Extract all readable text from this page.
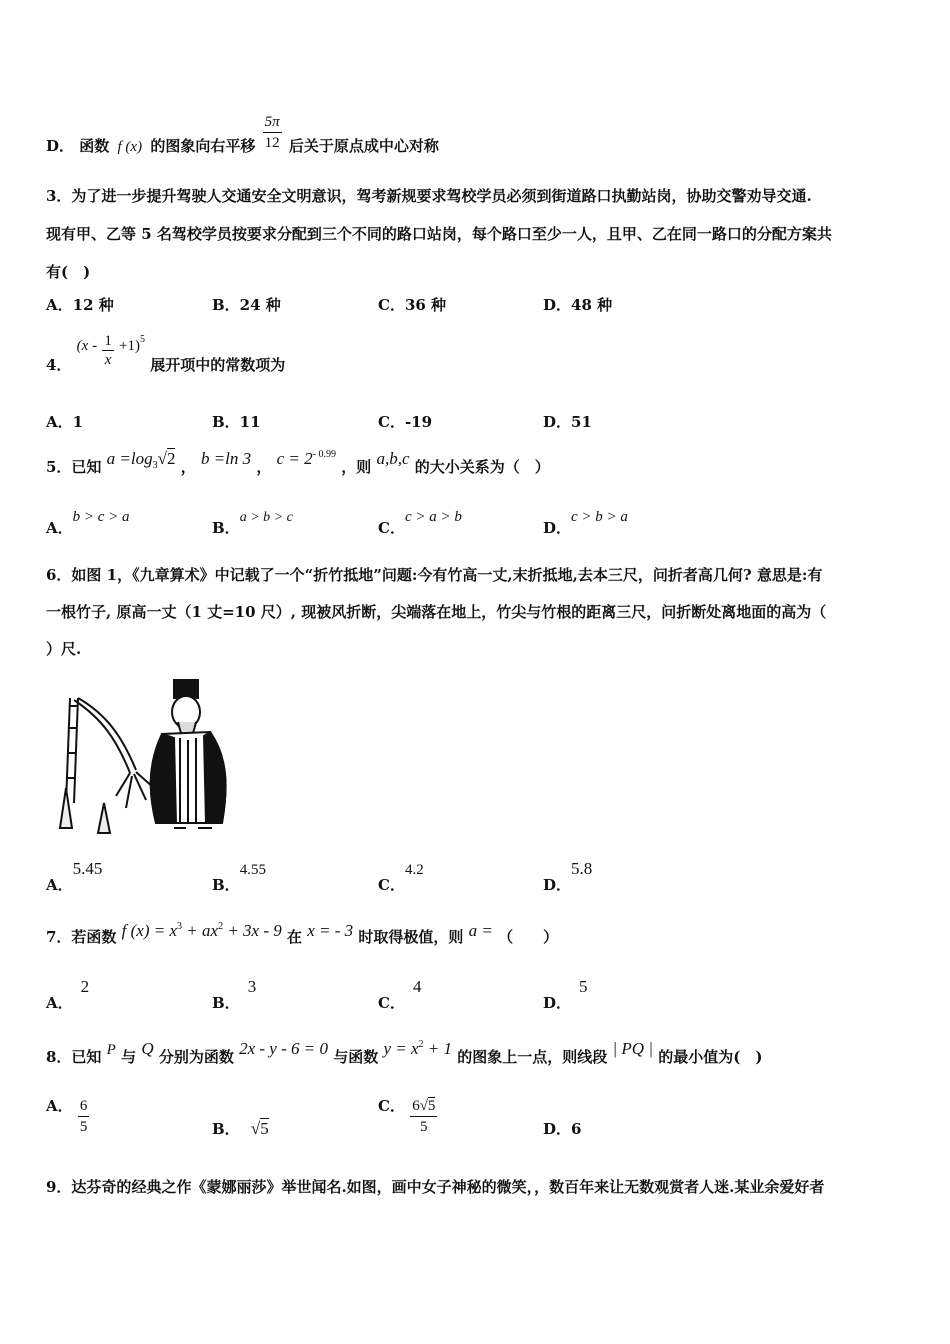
D． 函数 f (x) 的图象向右平移 $\frac{5\pi}{12}$ 后关于原点成中心对称
3．为了进一步提升驾驶人交通安全文明意识，驾考新规要求驾校学员必须到街道路口执勤站岗，协助交警劝导交通.
现有甲、乙等 5 名驾校学员按要求分配到三个不同的路口站岗，每个路口至少一人，且甲、乙在同一路口的分配方案共
有(　)
A．12 种	B．24 种	C．36 种	D．48 种
4． $(x - \frac{1}{x} +1)^5$ 展开项中的常数项为
A．1	B．11	C．-19	D．51
5．已知 $a =\log_3√2$ ， b =ln 3 ， $c = 2^{- 0.99}$ ，则 a,b,c 的大小关系为（　）
A．b > c > a
B．a > b > c
C．c > a > b
D．c > b > a
6．如图 1，《九章算术》中记载了一个“折竹抵地”问题:今有竹高一丈,末折抵地,去本三尺，问折者高几何? 意思是:有
一根竹子, 原高一丈（1 丈=10 尺）, 现被风折断，尖端落在地上，竹尖与竹根的距离三尺，问折断处离地面的高为（
）尺.
A．5.45
B．4.55
C．4.2
D．5.8
7．若函数 f $(x) = x^3 + ax^2 + 3x - 9$ 在 x = - 3 时取得极值，则 a = （　　）
A．2
B．3
C．4
D．5
8．已知 P 与 Q 分别为函数 2x - y - 6 = 0 与函数 $y = x^2 + 1$ 的图象上一点，则线段 | PQ | 的最小值为(　)
A． $\frac{6}{5}$	B． √5
C． $\frac{6√5}{5}$	D．6
9．达芬奇的经典之作《蒙娜丽莎》举世闻名.如图，画中女子神秘的微笑，，数百年来让无数观赏者人迷.某业余爱好者
